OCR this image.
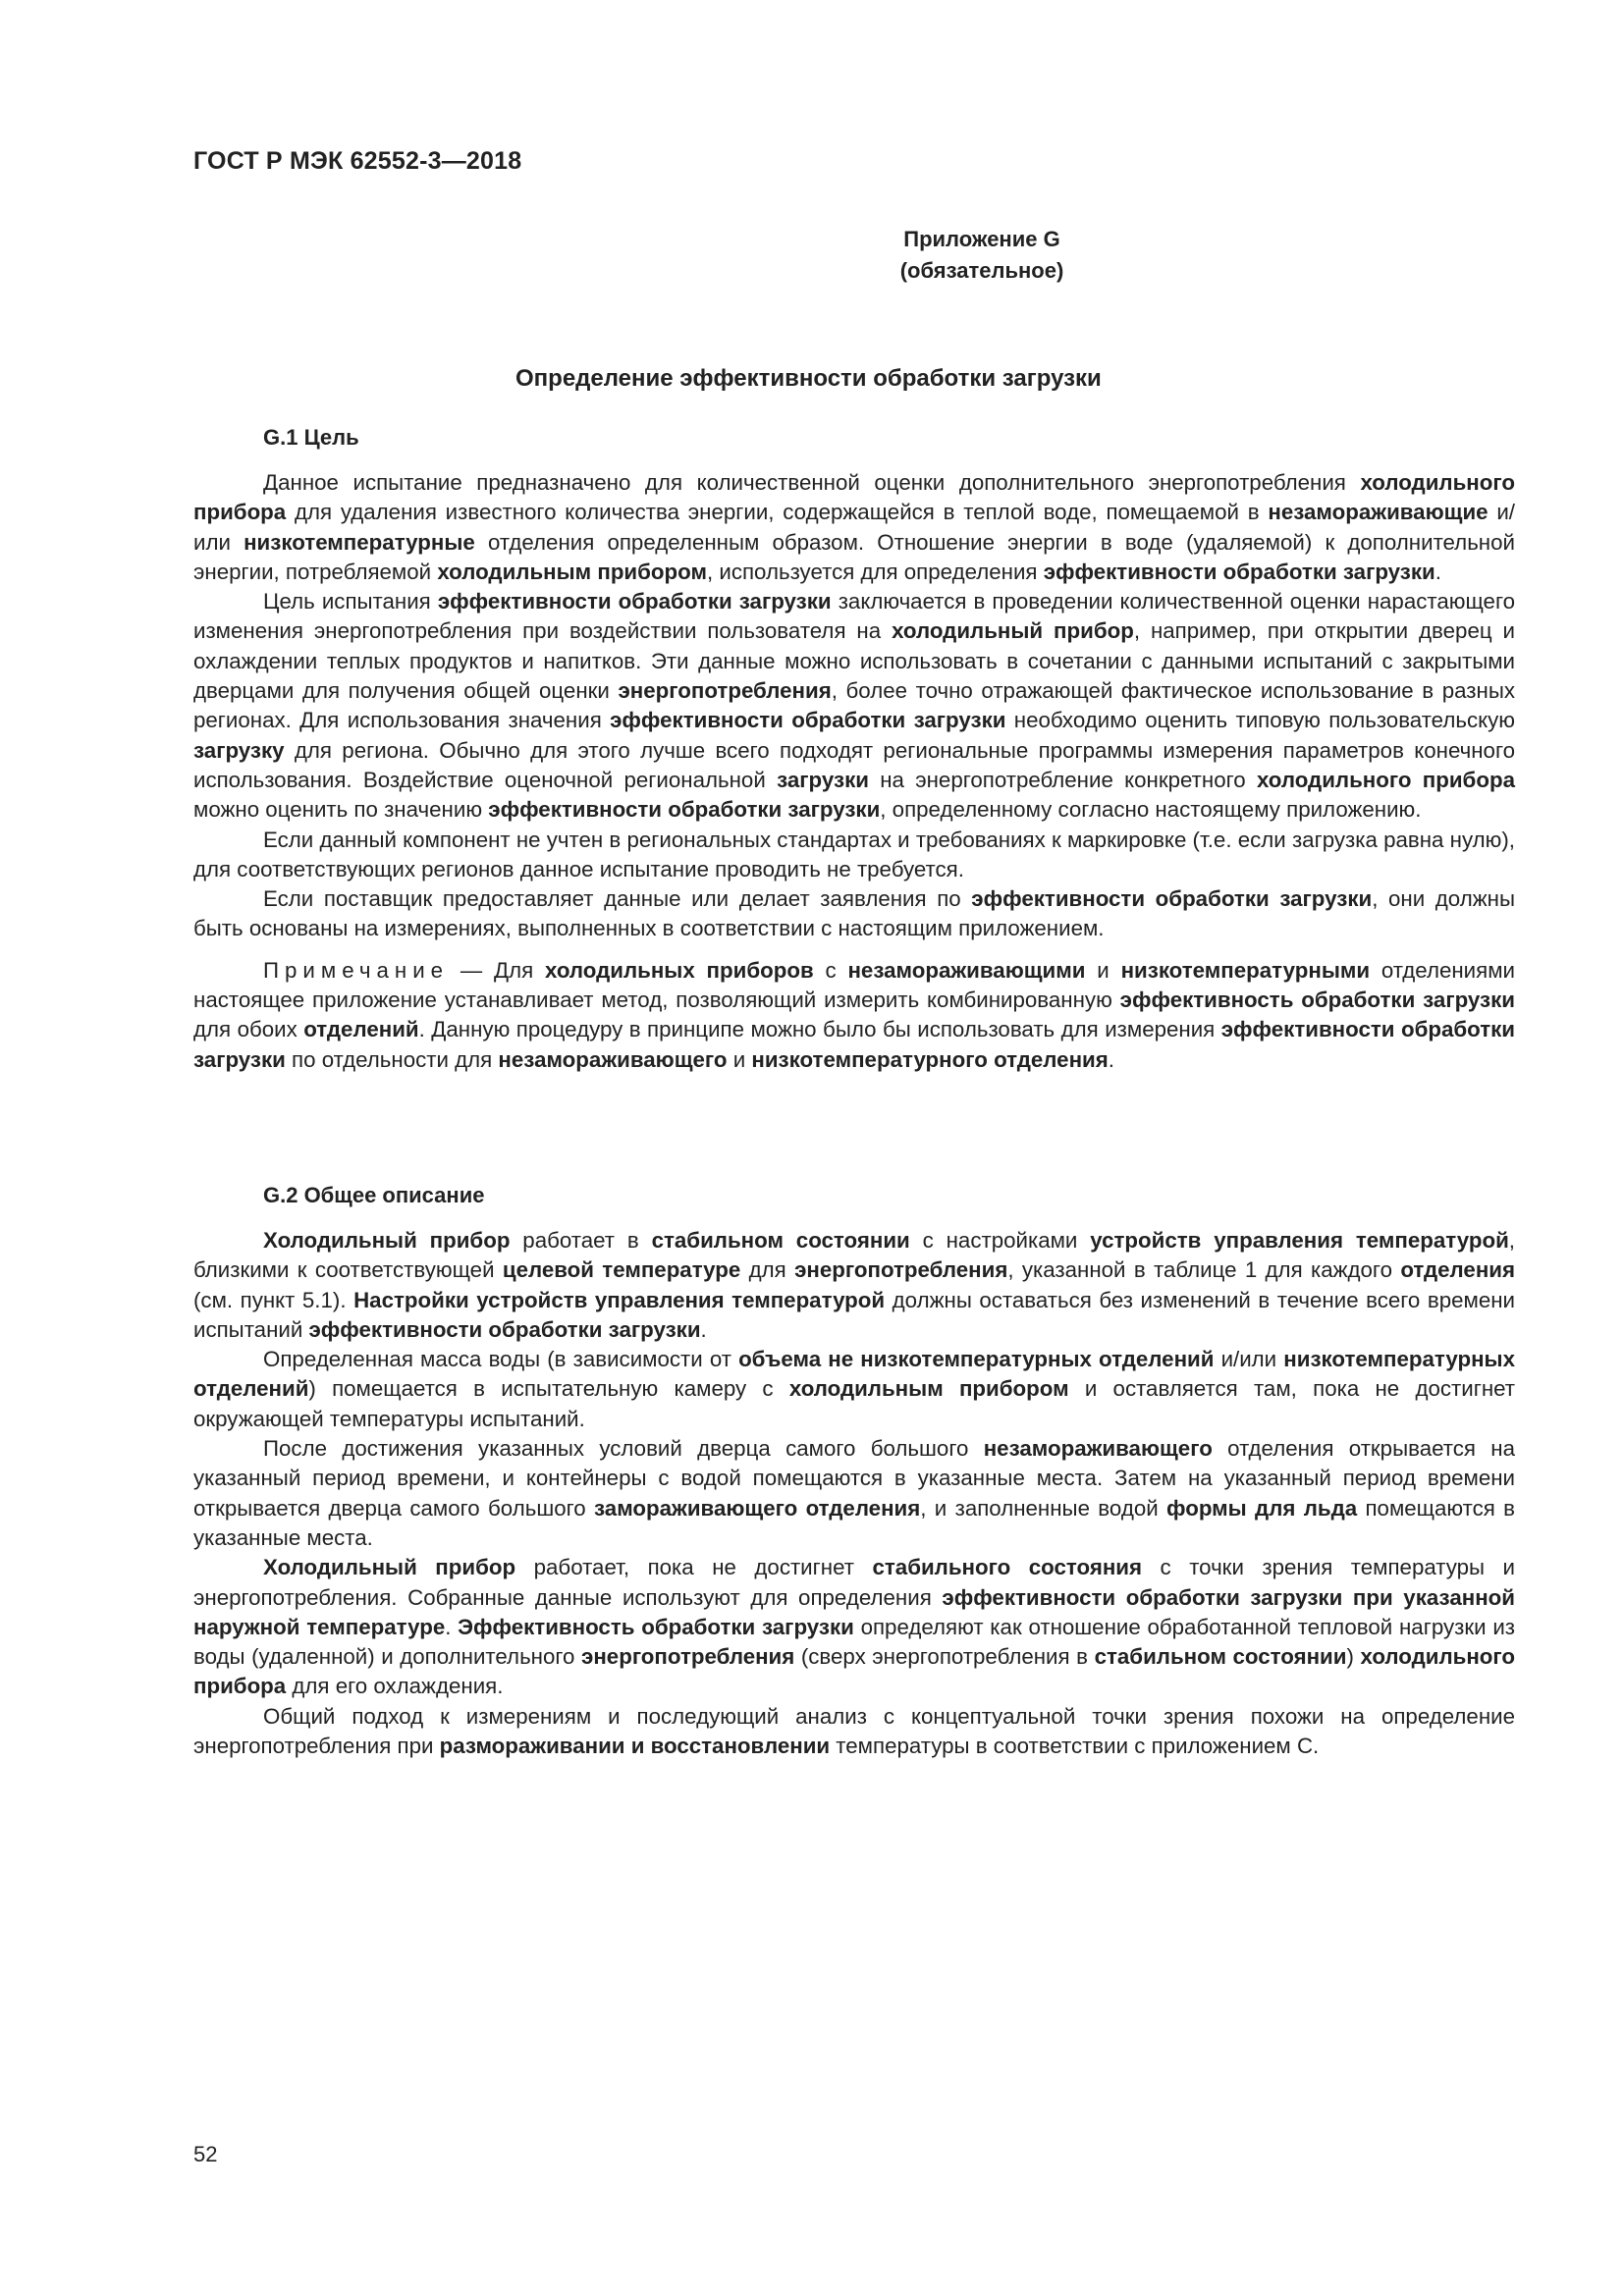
ГОСТ Р МЭК 62552-3—2018
Приложение G
(обязательное)
Определение эффективности обработки загрузки
G.1 Цель

Данное испытание предназначено для количественной оценки дополнительного энергопотребления холодильного прибора для удаления известного количества энергии, содержащейся в теплой воде, помещаемой в незамораживающие и/или низкотемпературные отделения определенным образом. Отношение энергии в воде (удаляемой) к дополнительной энергии, потребляемой холодильным прибором, используется для определения эффективности обработки загрузки.

Цель испытания эффективности обработки загрузки заключается в проведении количественной оценки нарастающего изменения энергопотребления при воздействии пользователя на холодильный прибор, например, при открытии дверец и охлаждении теплых продуктов и напитков. Эти данные можно использовать в сочетании с данными испытаний с закрытыми дверцами для получения общей оценки энергопотребления, более точно отражающей фактическое использование в разных регионах. Для использования значения эффективности обработки загрузки необходимо оценить типовую пользовательскую загрузку для региона. Обычно для этого лучше всего подходят региональные программы измерения параметров конечного использования. Воздействие оценочной региональной загрузки на энергопотребление конкретного холодильного прибора можно оценить по значению эффективности обработки загрузки, определенному согласно настоящему приложению.

Если данный компонент не учтен в региональных стандартах и требованиях к маркировке (т.е. если загрузка равна нулю), для соответствующих регионов данное испытание проводить не требуется.

Если поставщик предоставляет данные или делает заявления по эффективности обработки загрузки, они должны быть основаны на измерениях, выполненных в соответствии с настоящим приложением.

Примечание — Для холодильных приборов с незамораживающими и низкотемпературными отделениями настоящее приложение устанавливает метод, позволяющий измерить комбинированную эффективность обработки загрузки для обоих отделений. Данную процедуру в принципе можно было бы использовать для измерения эффективности обработки загрузки по отдельности для незамораживающего и низкотемпературного отделения.

G.2 Общее описание

Холодильный прибор работает в стабильном состоянии с настройками устройств управления температурой, близкими к соответствующей целевой температуре для энергопотребления, указанной в таблице 1 для каждого отделения (см. пункт 5.1). Настройки устройств управления температурой должны оставаться без изменений в течение всего времени испытаний эффективности обработки загрузки.

Определенная масса воды (в зависимости от объема не низкотемпературных отделений и/или низкотемпературных отделений) помещается в испытательную камеру с холодильным прибором и оставляется там, пока не достигнет окружающей температуры испытаний.

После достижения указанных условий дверца самого большого незамораживающего отделения открывается на указанный период времени, и контейнеры с водой помещаются в указанные места. Затем на указанный период времени открывается дверца самого большого замораживающего отделения, и заполненные водой формы для льда помещаются в указанные места.

Холодильный прибор работает, пока не достигнет стабильного состояния с точки зрения температуры и энергопотребления. Собранные данные используют для определения эффективности обработки загрузки при указанной наружной температуре. Эффективность обработки загрузки определяют как отношение обработанной тепловой нагрузки из воды (удаленной) и дополнительного энергопотребления (сверх энергопотребления в стабильном состоянии) холодильного прибора для его охлаждения.

Общий подход к измерениям и последующий анализ с концептуальной точки зрения похожи на определение энергопотребления при размораживании и восстановлении температуры в соответствии с приложением С.

52
